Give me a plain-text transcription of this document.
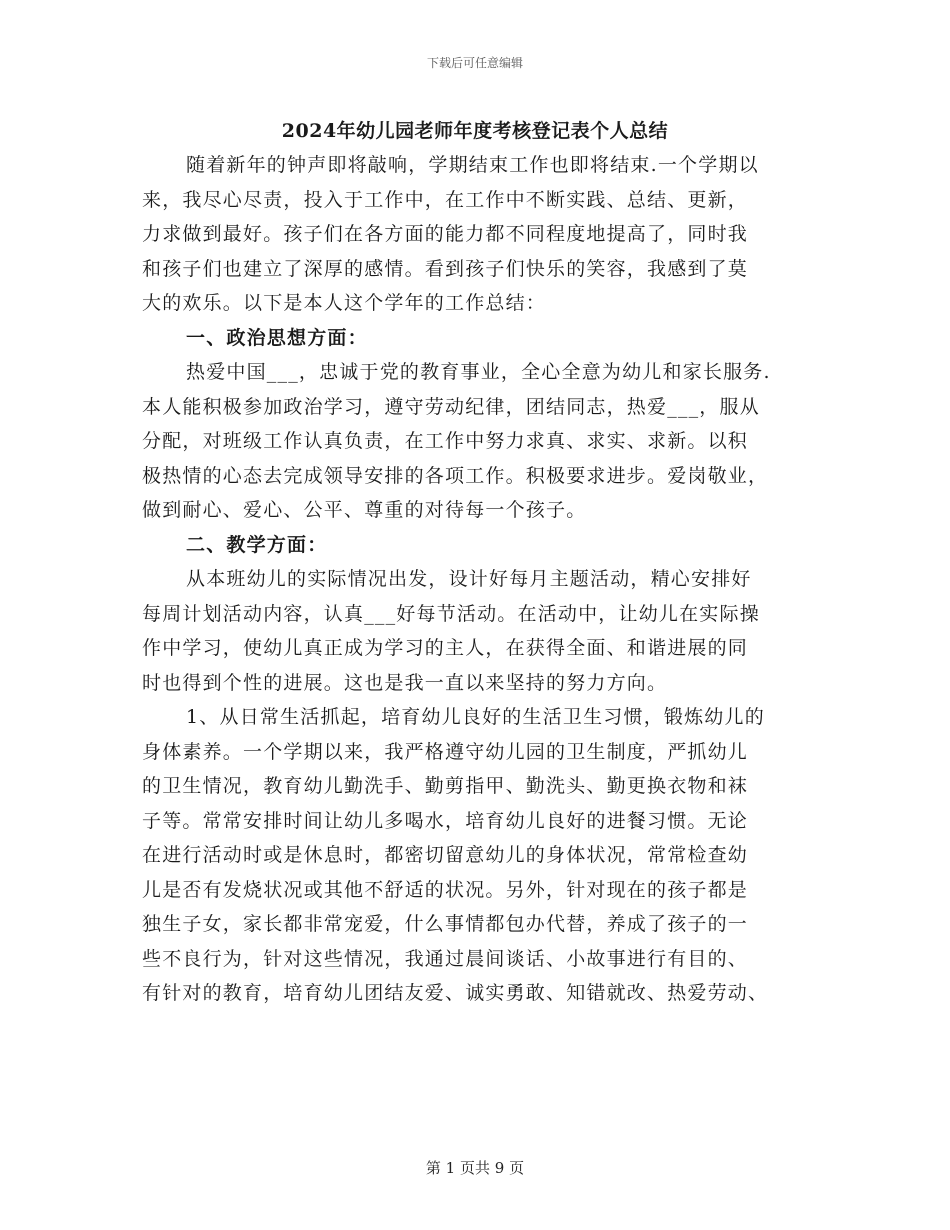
下载后可任意编辑
2024年幼儿园老师年度考核登记表个人总结
随着新年的钟声即将敲响，学期结束工作也即将结束.一个学期以
来，我尽心尽责，投入于工作中，在工作中不断实践、总结、更新，
力求做到最好。孩子们在各方面的能力都不同程度地提高了，同时我
和孩子们也建立了深厚的感情。看到孩子们快乐的笑容，我感到了莫
大的欢乐。以下是本人这个学年的工作总结：
一、政治思想方面：
热爱中国___，忠诚于党的教育事业，全心全意为幼儿和家长服务.
本人能积极参加政治学习，遵守劳动纪律，团结同志，热爱___，服从
分配，对班级工作认真负责，在工作中努力求真、求实、求新。以积
极热情的心态去完成领导安排的各项工作。积极要求进步。爱岗敬业，
做到耐心、爱心、公平、尊重的对待每一个孩子。
二、教学方面：
从本班幼儿的实际情况出发，设计好每月主题活动，精心安排好
每周计划活动内容，认真___好每节活动。在活动中，让幼儿在实际操
作中学习，使幼儿真正成为学习的主人，在获得全面、和谐进展的同
时也得到个性的进展。这也是我一直以来坚持的努力方向。
1、从日常生活抓起，培育幼儿良好的生活卫生习惯，锻炼幼儿的
身体素养。一个学期以来，我严格遵守幼儿园的卫生制度，严抓幼儿
的卫生情况，教育幼儿勤洗手、勤剪指甲、勤洗头、勤更换衣物和袜
子等。常常安排时间让幼儿多喝水，培育幼儿良好的进餐习惯。无论
在进行活动时或是休息时，都密切留意幼儿的身体状况，常常检查幼
儿是否有发烧状况或其他不舒适的状况。另外，针对现在的孩子都是
独生子女，家长都非常宠爱，什么事情都包办代替，养成了孩子的一
些不良行为，针对这些情况，我通过晨间谈话、小故事进行有目的、
有针对的教育，培育幼儿团结友爱、诚实勇敢、知错就改、热爱劳动、
第 1 页共 9 页
